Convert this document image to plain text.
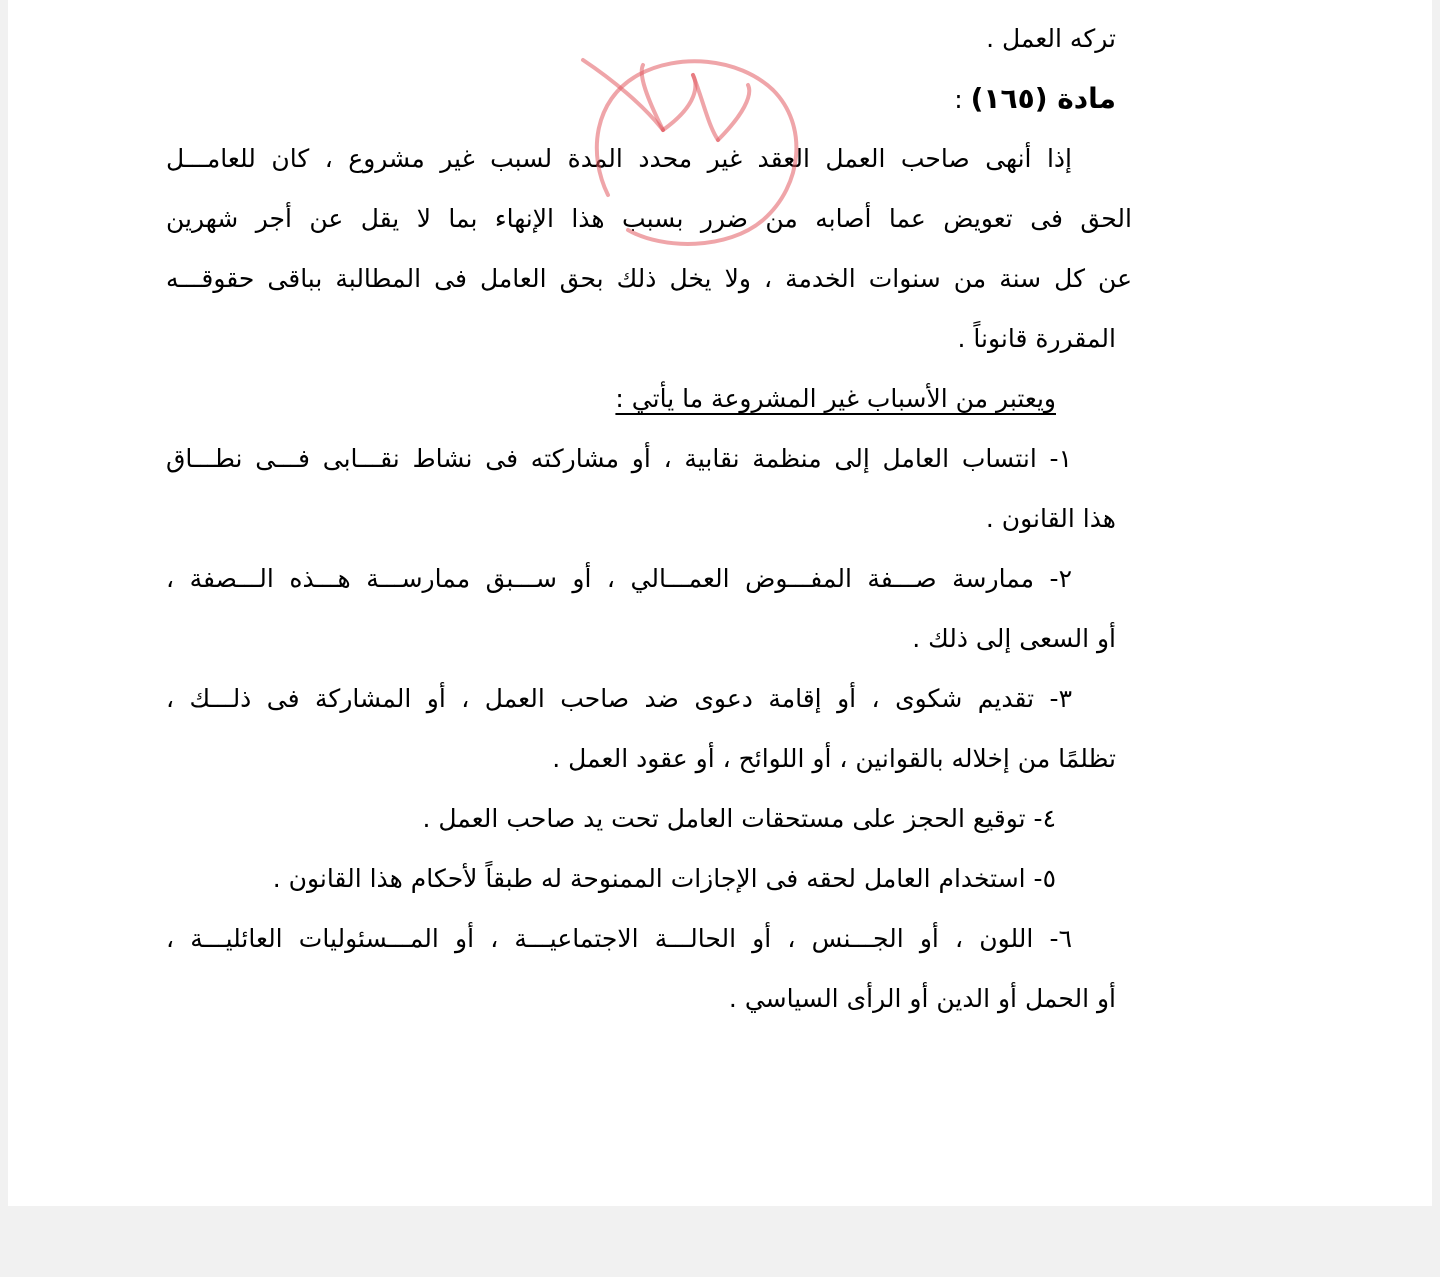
تركه العمل .
مادة (١٦٥) :
إذا أنهى صاحب العمل العقد غير محدد المدة لسبب غير مشروع ، كان للعامـــل
الحق فى تعويض عما أصابه من ضرر بسبب هذا الإنهاء بما لا يقل عن أجر شهرين
عن كل سنة من سنوات الخدمة ، ولا يخل ذلك بحق العامل فى المطالبة بباقى حقوقـــه
المقررة قانوناً .
ويعتبر من الأسباب غير المشروعة ما يأتي :
١- انتساب العامل إلى منظمة نقابية ، أو مشاركته فى نشاط نقـــابى فـــى نطـــاق
هذا القانون .
٢- ممارسة صـــفة المفـــوض العمـــالي ، أو ســـبق ممارســـة هـــذه الـــصفة ،
أو السعى إلى ذلك .
٣- تقديم شكوى ، أو إقامة دعوى ضد صاحب العمل ، أو المشاركة فى ذلـــك ،
تظلمًا من إخلاله بالقوانين ، أو اللوائح ، أو عقود العمل .
٤- توقيع الحجز على مستحقات العامل تحت يد صاحب العمل .
٥- استخدام العامل لحقه فى الإجازات الممنوحة له طبقاً لأحكام هذا القانون .
٦- اللون ، أو الجـــنس ، أو الحالـــة الاجتماعيـــة ، أو المـــسئوليات العائليـــة ،
أو الحمل أو الدين أو الرأى السياسي .
